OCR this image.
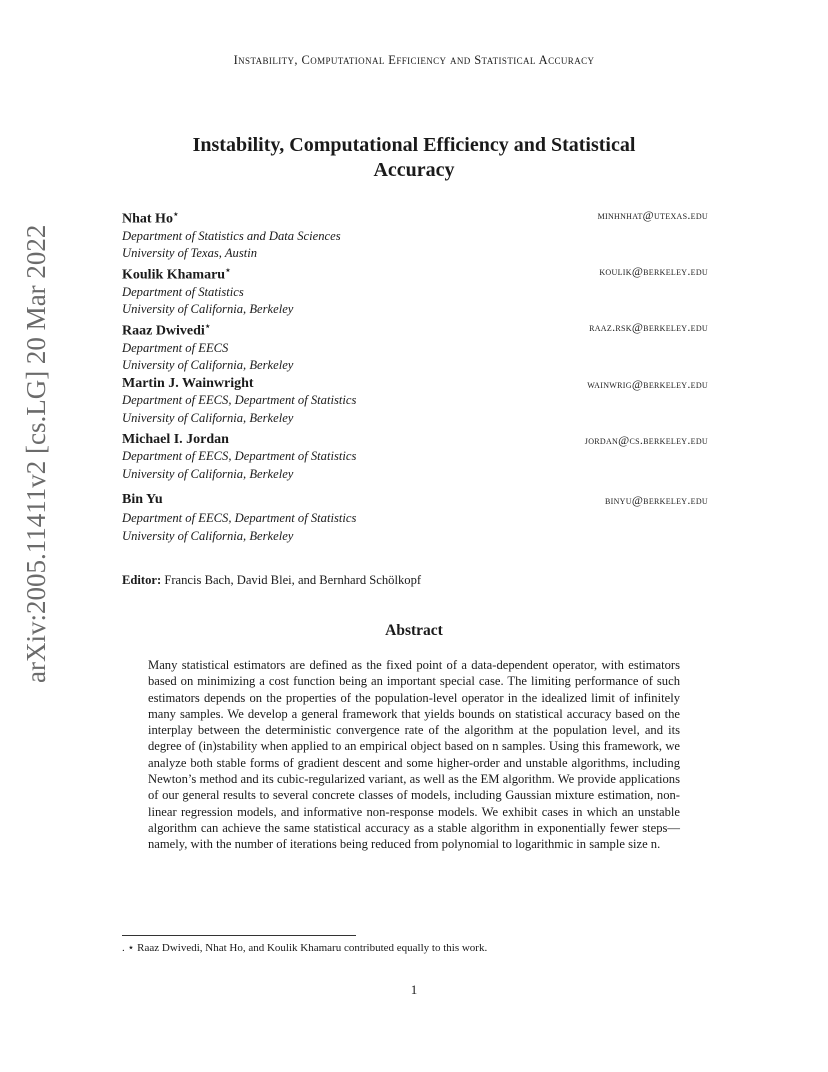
Instability, Computational Efficiency and Statistical Accuracy
arXiv:2005.11411v2 [cs.LG] 20 Mar 2022
Instability, Computational Efficiency and Statistical
Accuracy
Nhat Ho⋆	minhnhat@utexas.edu
Department of Statistics and Data Sciences
University of Texas, Austin
Koulik Khamaru⋆	koulik@berkeley.edu
Department of Statistics
University of California, Berkeley
Raaz Dwivedi⋆	raaz.rsk@berkeley.edu
Department of EECS
University of California, Berkeley
Martin J. Wainwright	wainwrig@berkeley.edu
Department of EECS, Department of Statistics
University of California, Berkeley
Michael I. Jordan	jordan@cs.berkeley.edu
Department of EECS, Department of Statistics
University of California, Berkeley
Bin Yu	binyu@berkeley.edu
Department of EECS, Department of Statistics
University of California, Berkeley
Editor: Francis Bach, David Blei, and Bernhard Schölkopf
Abstract
Many statistical estimators are defined as the fixed point of a data-dependent operator, with estimators based on minimizing a cost function being an important special case. The limiting performance of such estimators depends on the properties of the population-level operator in the idealized limit of infinitely many samples. We develop a general framework that yields bounds on statistical accuracy based on the interplay between the deterministic convergence rate of the algorithm at the population level, and its degree of (in)stability when applied to an empirical object based on n samples. Using this framework, we analyze both stable forms of gradient descent and some higher-order and unstable algorithms, including Newton’s method and its cubic-regularized variant, as well as the EM algorithm. We provide applications of our general results to several concrete classes of models, including Gaussian mixture estimation, non-linear regression models, and informative non-response models. We exhibit cases in which an unstable algorithm can achieve the same statistical accuracy as a stable algorithm in exponentially fewer steps—namely, with the number of iterations being reduced from polynomial to logarithmic in sample size n.
. ⋆ Raaz Dwivedi, Nhat Ho, and Koulik Khamaru contributed equally to this work.
1
